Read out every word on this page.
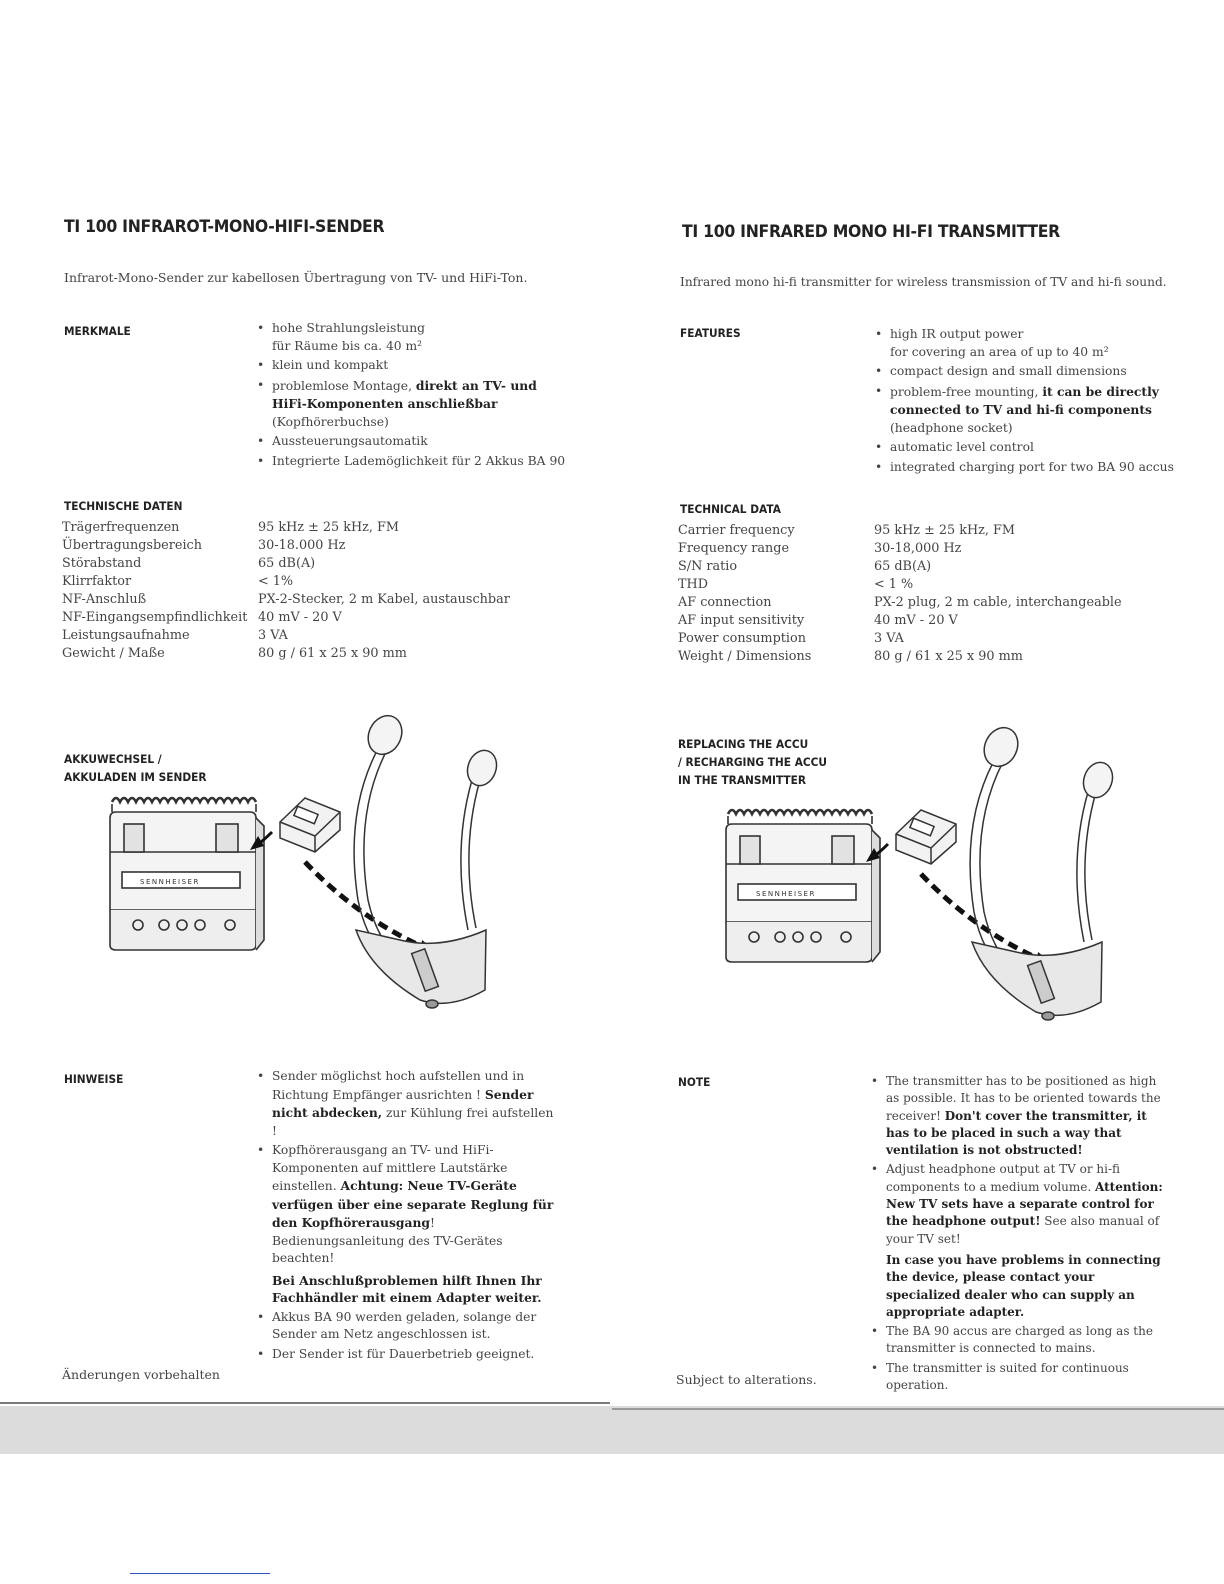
TI 100 INFRAROT-MONO-HIFI-SENDER
Infrarot-Mono-Sender zur kabellosen Übertragung von TV- und HiFi-Ton.
MERKMALE	• hohe Strahlungsleistung
für Räume bis ca. 40 m²
• klein und kompakt
• problemlose Montage, direkt an TV- und HiFi-Komponenten anschließbar (Kopfhörerbuchse)
• Aussteuerungsautomatik
• Integrierte Lademöglichkeit für 2 Akkus BA 90
TECHNISCHE DATEN
Trägerfrequenzen	95 kHz ± 25 kHz, FM
Übertragungsbereich	30-18.000 Hz
Störabstand	65 dB(A)
Klirrfaktor	< 1%
NF-Anschluß	PX-2-Stecker, 2 m Kabel, austauschbar
NF-Eingangsempfindlichkeit	40 mV - 20 V
Leistungsaufnahme	3 VA
Gewicht / Maße	80 g / 61 x 25 x 90 mm
AKKUWECHSEL /
AKKULADEN IM SENDER
SENNHEISER
HINWEISE	• Sender möglichst hoch aufstellen und in Richtung Empfänger ausrichten ! Sender nicht abdecken, zur Kühlung frei aufstellen !
• Kopfhörerausgang an TV- und HiFi-Komponenten auf mittlere Lautstärke einstellen. Achtung: Neue TV-Geräte verfügen über eine separate Reglung für den Kopfhörerausgang! Bedienungsanleitung des TV-Gerätes beachten!
Bei Anschlußproblemen hilft Ihnen Ihr Fachhändler mit einem Adapter weiter.
• Akkus BA 90 werden geladen, solange der Sender am Netz angeschlossen ist.
• Der Sender ist für Dauerbetrieb geeignet.
Änderungen vorbehalten
TI 100 INFRARED MONO HI-FI TRANSMITTER
Infrared mono hi-fi transmitter for wireless transmission of TV and hi-fi sound.
FEATURES	• high IR output power
for covering an area of up to 40 m²
• compact design and small dimensions
• problem-free mounting, it can be directly connected to TV and hi-fi components (headphone socket)
• automatic level control
• integrated charging port for two BA 90 accus
TECHNICAL DATA
Carrier frequency	95 kHz ± 25 kHz, FM
Frequency range	30-18,000 Hz
S/N ratio	65 dB(A)
THD	< 1 %
AF connection	PX-2 plug, 2 m cable, interchangeable
AF input sensitivity	40 mV - 20 V
Power consumption	3 VA
Weight / Dimensions	80 g / 61 x 25 x 90 mm
REPLACING THE ACCU
/ RECHARGING THE ACCU
IN THE TRANSMITTER
SENNHEISER
NOTE	• The transmitter has to be positioned as high as possible. It has to be oriented towards the receiver! Don't cover the transmitter, it has to be placed in such a way that ventilation is not obstructed!
• Adjust headphone output at TV or hi-fi components to a medium volume. Attention: New TV sets have a separate control for the headphone output! See also manual of your TV set!
In case you have problems in connecting the device, please contact your specialized dealer who can supply an appropriate adapter.
• The BA 90 accus are charged as long as the transmitter is connected to mains.
• The transmitter is suited for continuous operation.
Subject to alterations.
